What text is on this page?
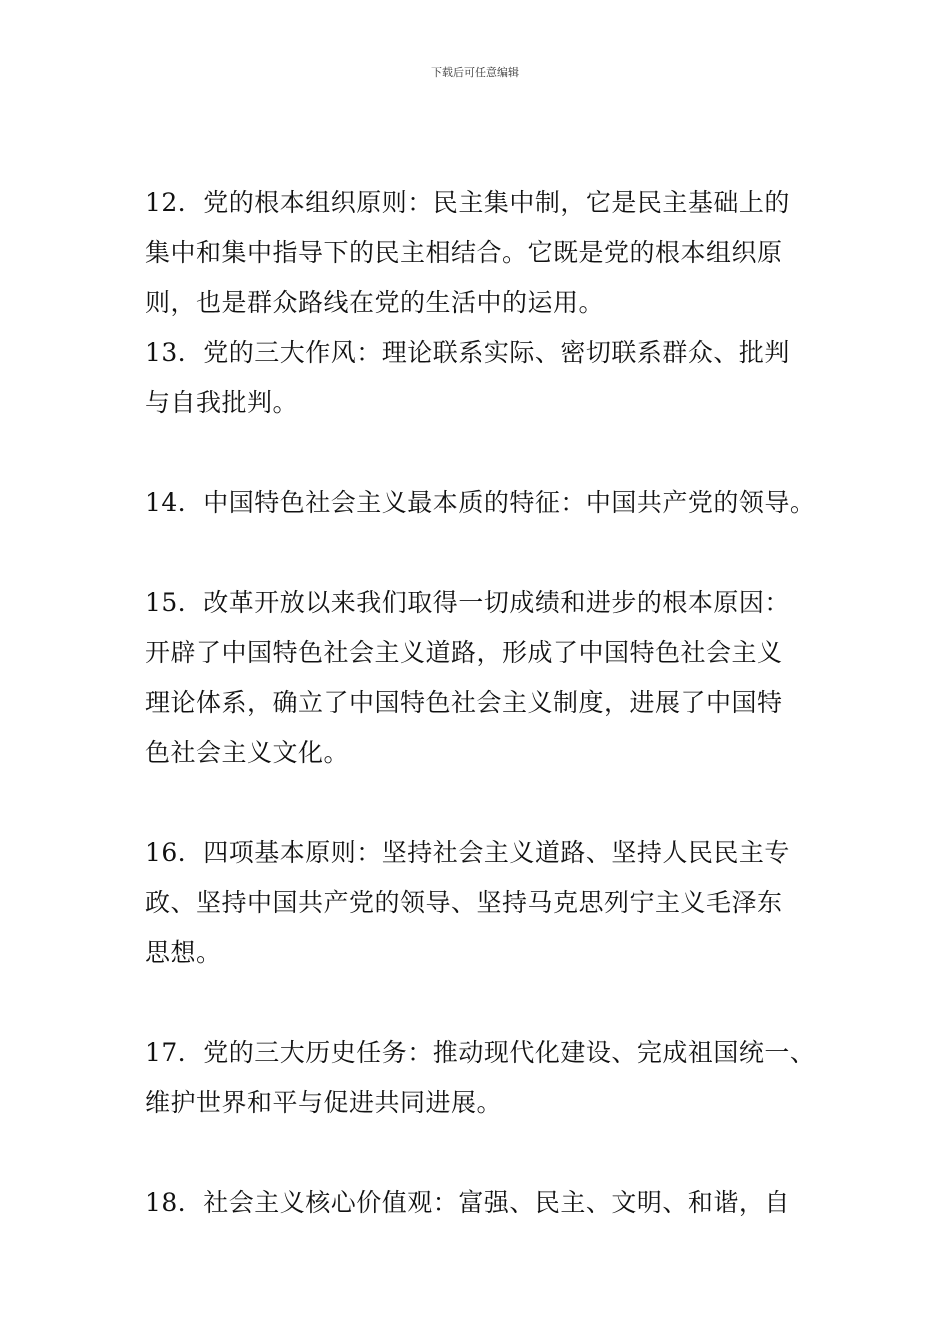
下载后可任意编辑
12．党的根本组织原则：民主集中制，它是民主基础上的
集中和集中指导下的民主相结合。它既是党的根本组织原
则，也是群众路线在党的生活中的运用。
13．党的三大作风：理论联系实际、密切联系群众、批判
与自我批判。
14．中国特色社会主义最本质的特征：中国共产党的领导。
15．改革开放以来我们取得一切成绩和进步的根本原因：
开辟了中国特色社会主义道路，形成了中国特色社会主义
理论体系，确立了中国特色社会主义制度，进展了中国特
色社会主义文化。
16．四项基本原则：坚持社会主义道路、坚持人民民主专
政、坚持中国共产党的领导、坚持马克思列宁主义毛泽东
思想。
17．党的三大历史任务：推动现代化建设、完成祖国统一、
维护世界和平与促进共同进展。
18．社会主义核心价值观：富强、民主、文明、和谐，自
